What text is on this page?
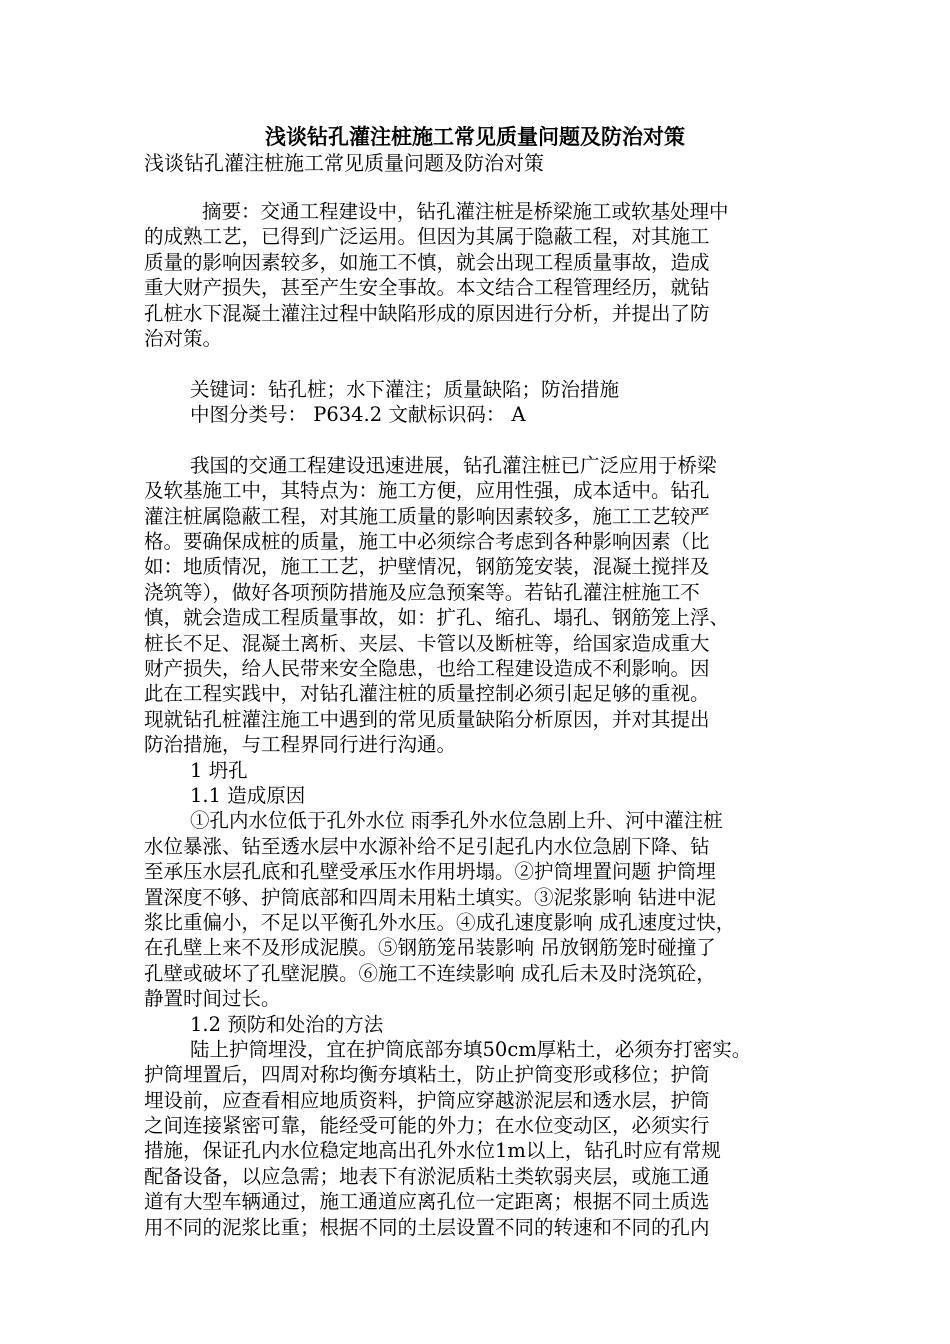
浅谈钻孔灌注桩施工常见质量问题及防治对策

浅谈钻孔灌注桩施工常见质量问题及防治对策

摘要：交通工程建设中，钻孔灌注桩是桥梁施工或软基处理中
的成熟工艺，已得到广泛运用。但因为其属于隐蔽工程，对其施工
质量的影响因素较多，如施工不慎，就会出现工程质量事故，造成
重大财产损失，甚至产生安全事故。本文结合工程管理经历，就钻
孔桩水下混凝土灌注过程中缺陷形成的原因进行分析，并提出了防
治对策。
关键词：钻孔桩；水下灌注；质量缺陷；防治措施
中图分类号： P634.2 文献标识码： A
我国的交通工程建设迅速进展，钻孔灌注桩已广泛应用于桥梁
及软基施工中，其特点为：施工方便，应用性强，成本适中。钻孔
灌注桩属隐蔽工程，对其施工质量的影响因素较多，施工工艺较严
格。要确保成桩的质量，施工中必须综合考虑到各种影响因素（比
如：地质情况，施工工艺，护壁情况，钢筋笼安装，混凝土搅拌及
浇筑等），做好各项预防措施及应急预案等。若钻孔灌注桩施工不
慎，就会造成工程质量事故，如：扩孔、缩孔、塌孔、钢筋笼上浮、
桩长不足、混凝土离析、夹层、卡管以及断桩等，给国家造成重大
财产损失，给人民带来安全隐患，也给工程建设造成不利影响。因
此在工程实践中，对钻孔灌注桩的质量控制必须引起足够的重视。
现就钻孔桩灌注施工中遇到的常见质量缺陷分析原因，并对其提出
防治措施，与工程界同行进行沟通。
1 坍孔
1.1 造成原因
①孔内水位低于孔外水位 雨季孔外水位急剧上升、河中灌注桩
水位暴涨、钻至透水层中水源补给不足引起孔内水位急剧下降、钻
至承压水层孔底和孔壁受承压水作用坍塌。②护筒埋置问题 护筒埋
置深度不够、护筒底部和四周未用粘土填实。③泥浆影响 钻进中泥
浆比重偏小，不足以平衡孔外水压。④成孔速度影响 成孔速度过快，
在孔壁上来不及形成泥膜。⑤钢筋笼吊装影响 吊放钢筋笼时碰撞了
孔壁或破坏了孔壁泥膜。⑥施工不连续影响 成孔后未及时浇筑砼，
静置时间过长。
1.2 预防和处治的方法
陆上护筒埋没，宜在护筒底部夯填50cm厚粘土，必须夯打密实。
护筒埋置后，四周对称均衡夯填粘土，防止护筒变形或移位；护筒
埋设前，应查看相应地质资料，护筒应穿越淤泥层和透水层，护筒
之间连接紧密可靠，能经受可能的外力；在水位变动区，必须实行
措施，保证孔内水位稳定地高出孔外水位1m以上，钻孔时应有常规
配备设备，以应急需；地表下有淤泥质粘土类软弱夹层，或施工通
道有大型车辆通过，施工通道应离孔位一定距离；根据不同土质选
用不同的泥浆比重；根据不同的土层设置不同的转速和不同的孔内
